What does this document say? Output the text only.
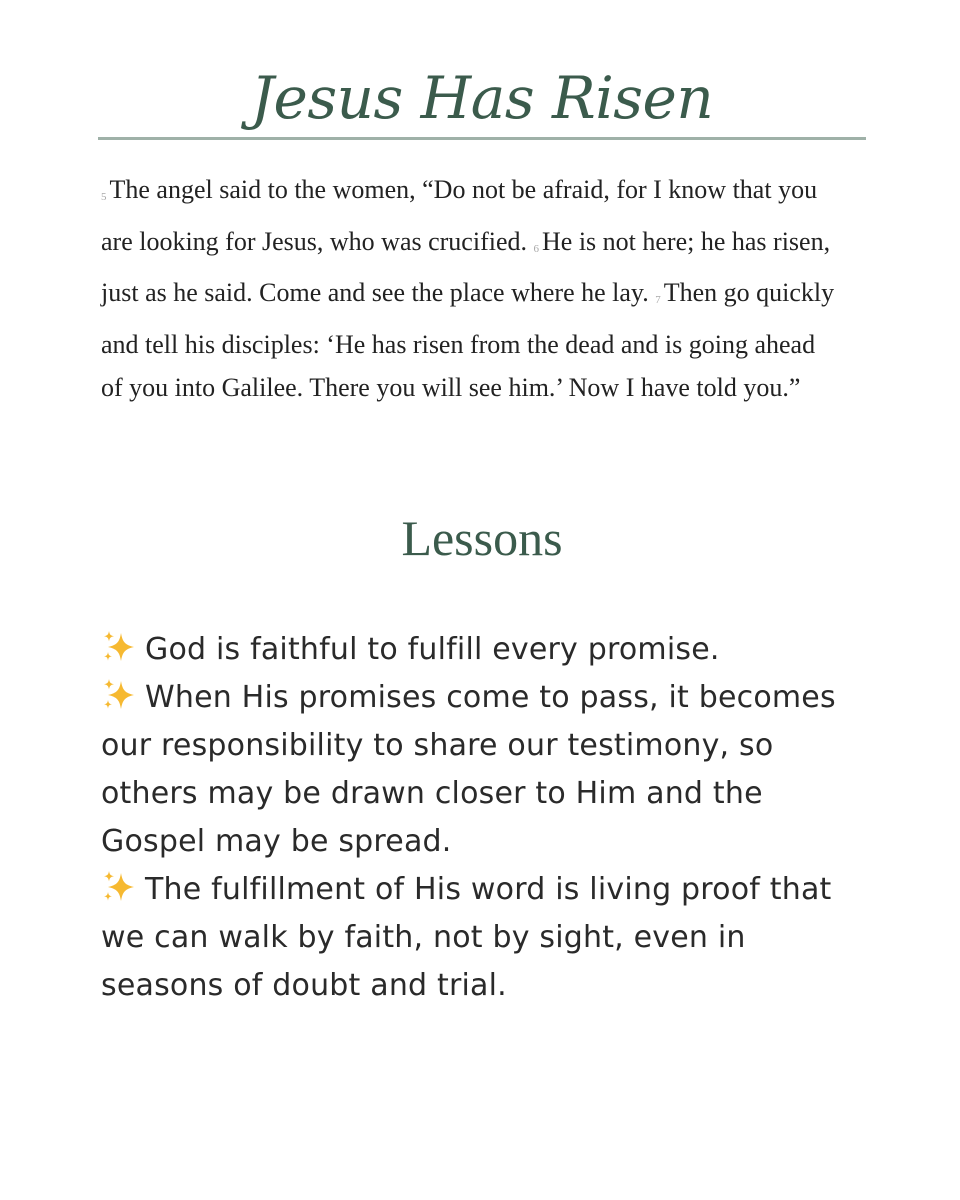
Jesus Has Risen
$^5$ The angel said to the women, “Do not be afraid, for I know that you are looking for Jesus, who was crucified. $^6$ He is not here; he has risen, just as he said. Come and see the place where he lay. $^7$ Then go quickly and tell his disciples: ‘He has risen from the dead and is going ahead of you into Galilee. There you will see him.’ Now I have told you.”
Lessons

God is faithful to fulfill every promise.

When His promises come to pass, it becomes our responsibility to share our testimony, so others may be drawn closer to Him and the Gospel may be spread.

The fulfillment of His word is living proof that we can walk by faith, not by sight, even in seasons of doubt and trial.
